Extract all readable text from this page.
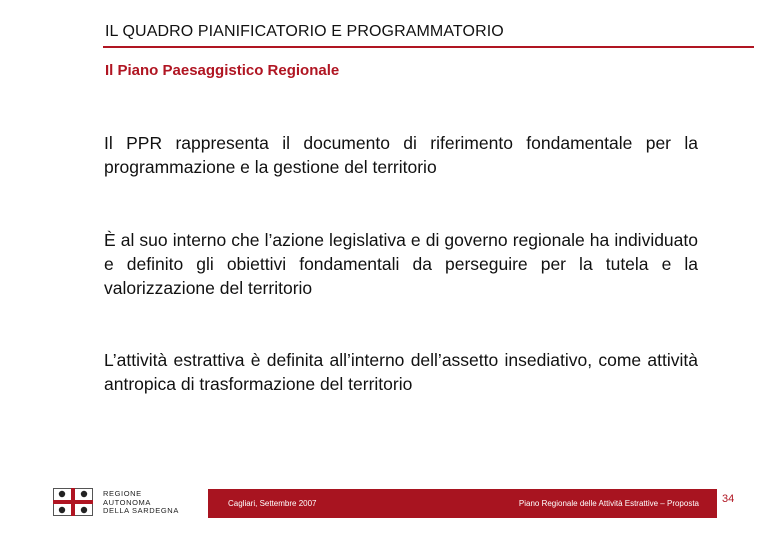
IL QUADRO PIANIFICATORIO E PROGRAMMATORIO
Il Piano Paesaggistico Regionale
Il PPR rappresenta il documento di riferimento fondamentale per la programmazione e la gestione del territorio
È al suo interno che l’azione legislativa e di governo regionale ha individuato e definito gli obiettivi fondamentali da perseguire per la tutela e la valorizzazione del territorio
L’attività estrattiva è definita all’interno dell’assetto insediativo, come attività antropica di trasformazione del territorio
REGIONE
AUTONOMA
DELLA SARDEGNA
Cagliari, Settembre 2007	Piano Regionale delle Attività Estrattive – Proposta 34
